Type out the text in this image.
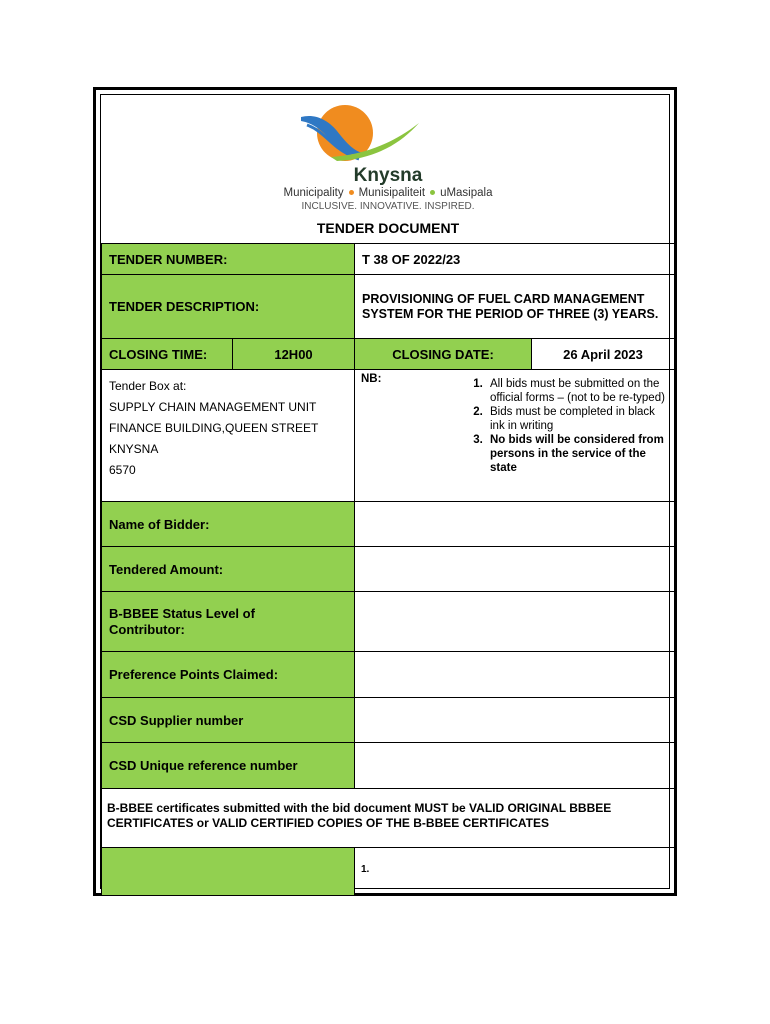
Knysna
Municipality Munisipaliteit uMasipala
INCLUSIVE. INNOVATIVE. INSPIRED.
TENDER DOCUMENT
TENDER NUMBER:	T 38 OF 2022/23
TENDER DESCRIPTION:
PROVISIONING OF FUEL CARD MANAGEMENT SYSTEM FOR THE PERIOD OF THREE (3) YEARS.
CLOSING TIME:	12H00	CLOSING DATE:	26 April 2023
Tender Box at:
SUPPLY CHAIN MANAGEMENT UNIT
FINANCE BUILDING,QUEEN STREET
KNYSNA
6570
NB:
1.	All bids must be submitted on the official forms – (not to be re-typed)
2. Bids must be completed in black ink in writing
3. No bids will be considered from persons in the service of the state
Name of Bidder:
Tendered Amount:
B-BBEE Status Level of Contributor:
Preference Points Claimed:
CSD Supplier number
CSD Unique reference number
B-BBEE certificates submitted with the bid document MUST be VALID ORIGINAL BBBEE CERTIFICATES or VALID CERTIFIED COPIES OF THE B-BBEE CERTIFICATES
1.
